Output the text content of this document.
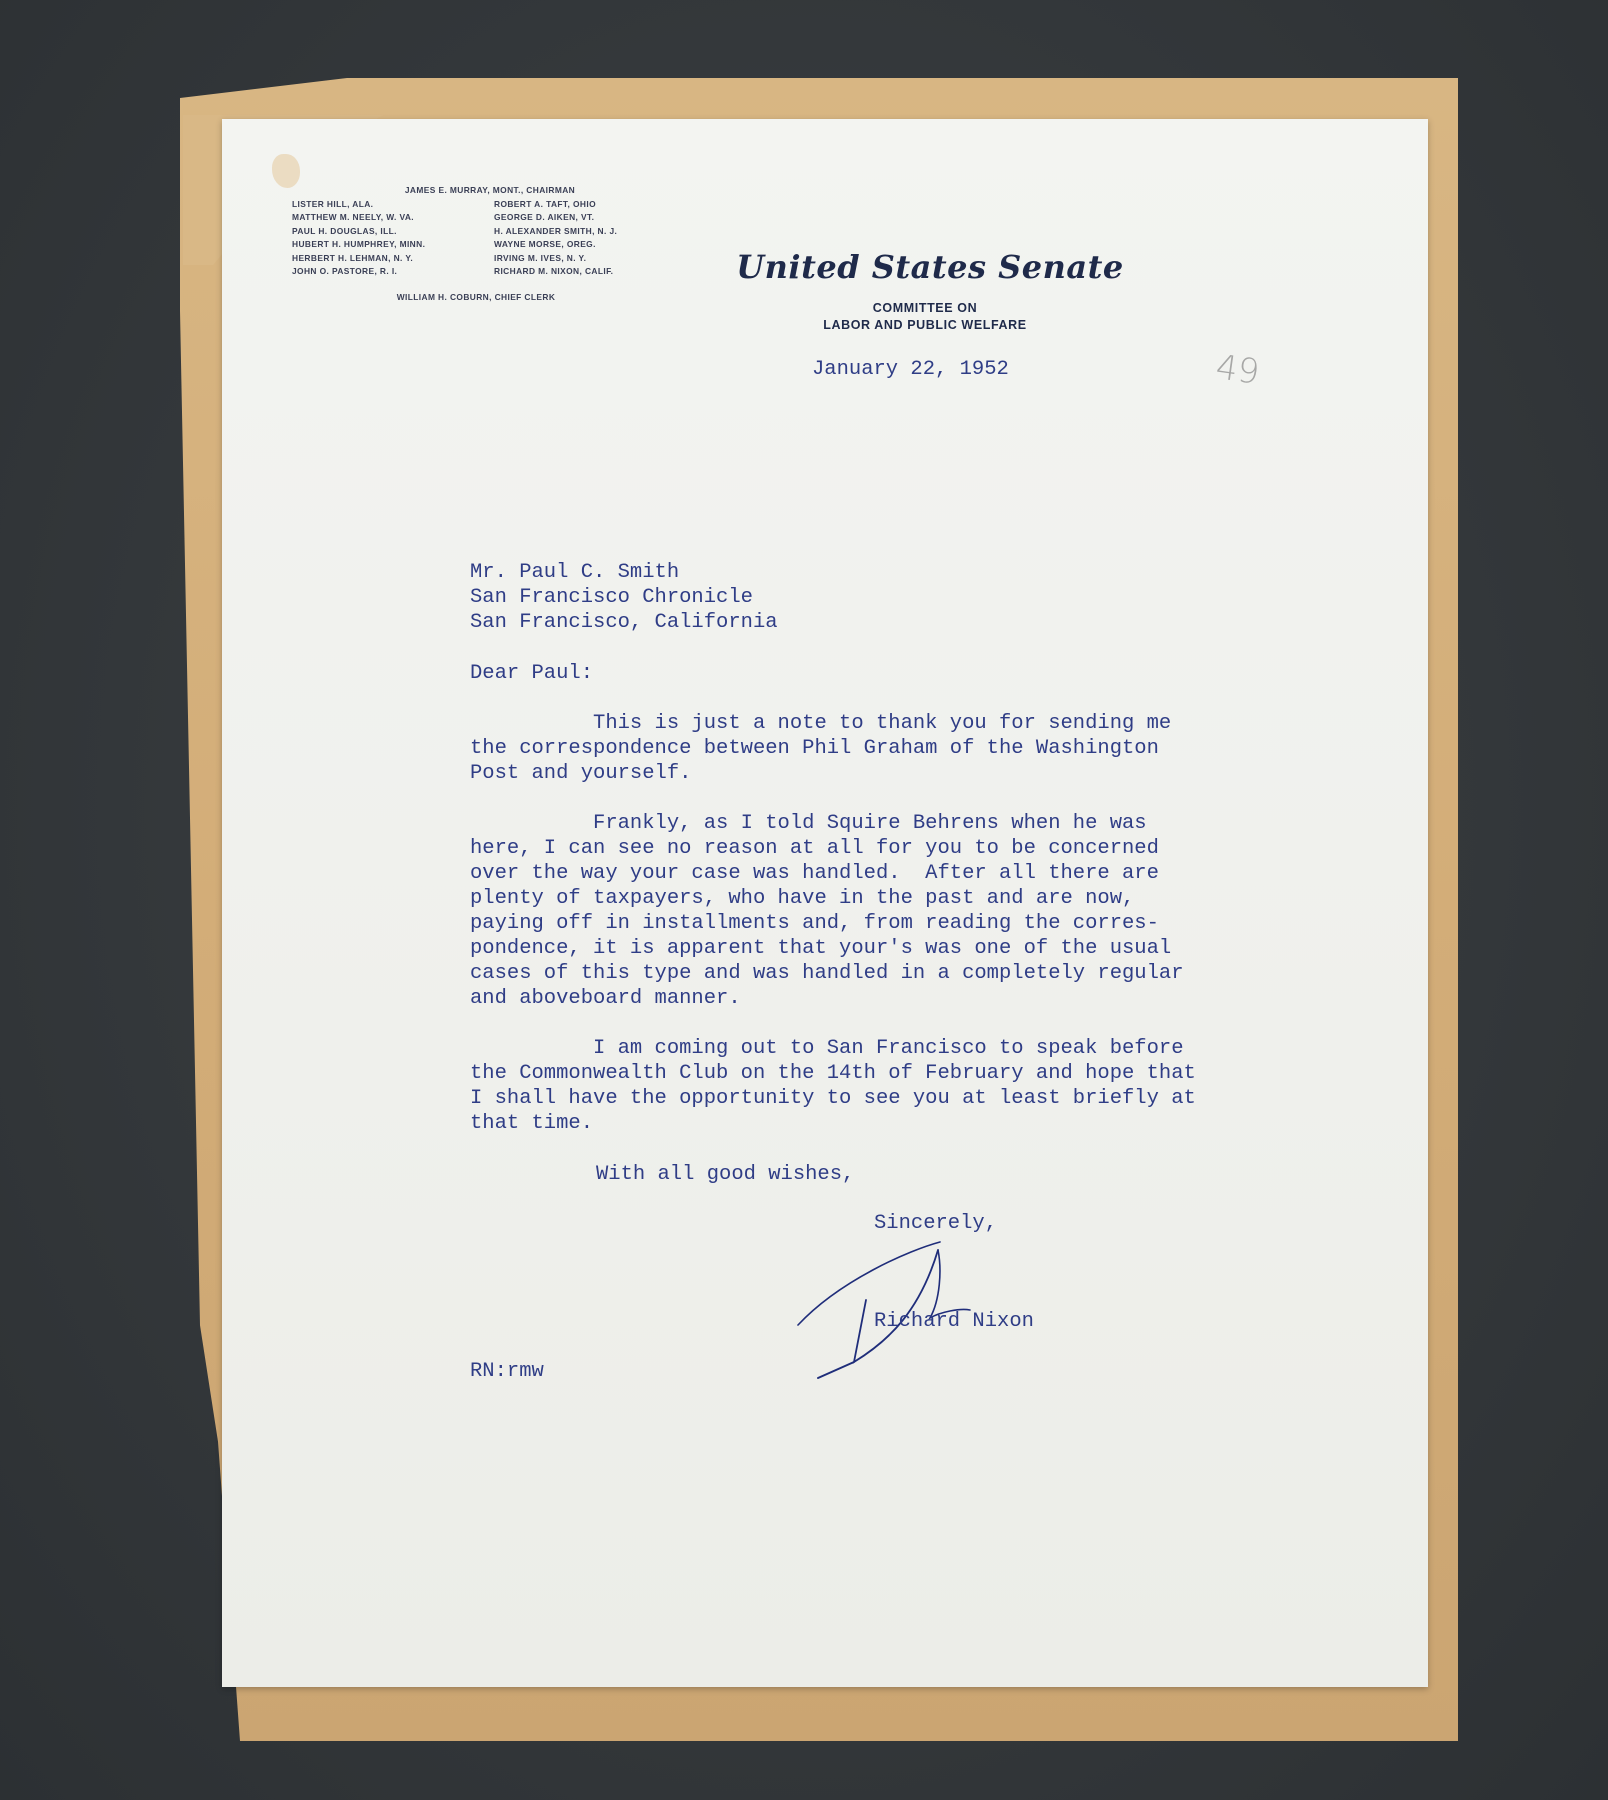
JAMES E. MURRAY, MONT., CHAIRMAN
LISTER HILL, ALA.
MATTHEW M. NEELY, W. VA.
PAUL H. DOUGLAS, ILL.
HUBERT H. HUMPHREY, MINN.
HERBERT H. LEHMAN, N. Y.
JOHN O. PASTORE, R. I.
ROBERT A. TAFT, OHIO
GEORGE D. AIKEN, VT.
H. ALEXANDER SMITH, N. J.
WAYNE MORSE, OREG.
IRVING M. IVES, N. Y.
RICHARD M. NIXON, CALIF.
WILLIAM H. COBURN, CHIEF CLERK
United States Senate
COMMITTEE ON
LABOR AND PUBLIC WELFARE
January 22, 1952	49
Mr. Paul C. Smith
San Francisco Chronicle
San Francisco, California
Dear Paul:
This is just a note to thank you for sending me
the correspondence between Phil Graham of the Washington
Post and yourself.
Frankly, as I told Squire Behrens when he was
here, I can see no reason at all for you to be concerned
over the way your case was handled.  After all there are
plenty of taxpayers, who have in the past and are now,
paying off in installments and, from reading the corres-
pondence, it is apparent that your's was one of the usual
cases of this type and was handled in a completely regular
and aboveboard manner.
I am coming out to San Francisco to speak before
the Commonwealth Club on the 14th of February and hope that
I shall have the opportunity to see you at least briefly at
that time.
With all good wishes,
Sincerely,
Richard Nixon
RN:rmw
